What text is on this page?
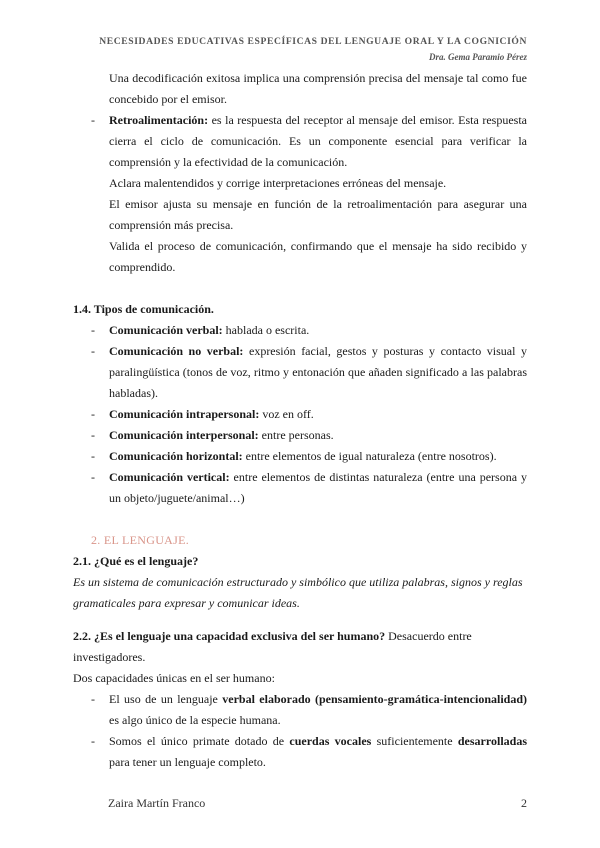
NECESIDADES EDUCATIVAS ESPECÍFICAS DEL LENGUAJE ORAL Y LA COGNICIÓN
Dra. Gema Paramio Pérez
Una decodificación exitosa implica una comprensión precisa del mensaje tal como fue concebido por el emisor.
- Retroalimentación: es la respuesta del receptor al mensaje del emisor. Esta respuesta cierra el ciclo de comunicación. Es un componente esencial para verificar la comprensión y la efectividad de la comunicación.
Aclara malentendidos y corrige interpretaciones erróneas del mensaje.
El emisor ajusta su mensaje en función de la retroalimentación para asegurar una comprensión más precisa.
Valida el proceso de comunicación, confirmando que el mensaje ha sido recibido y comprendido.
1.4. Tipos de comunicación.
- Comunicación verbal: hablada o escrita.
- Comunicación no verbal: expresión facial, gestos y posturas y contacto visual y paralingüística (tonos de voz, ritmo y entonación que añaden significado a las palabras habladas).
- Comunicación intrapersonal: voz en off.
- Comunicación interpersonal: entre personas.
- Comunicación horizontal: entre elementos de igual naturaleza (entre nosotros).
- Comunicación vertical: entre elementos de distintas naturaleza (entre una persona y un objeto/juguete/animal…)
2. EL LENGUAJE.
2.1. ¿Qué es el lenguaje?
Es un sistema de comunicación estructurado y simbólico que utiliza palabras, signos y reglas gramaticales para expresar y comunicar ideas.
2.2. ¿Es el lenguaje una capacidad exclusiva del ser humano? Desacuerdo entre investigadores.
Dos capacidades únicas en el ser humano:
- El uso de un lenguaje verbal elaborado (pensamiento-gramática-intencionalidad) es algo único de la especie humana.
- Somos el único primate dotado de cuerdas vocales suficientemente desarrolladas para tener un lenguaje completo.
Zaira Martín Franco	2
